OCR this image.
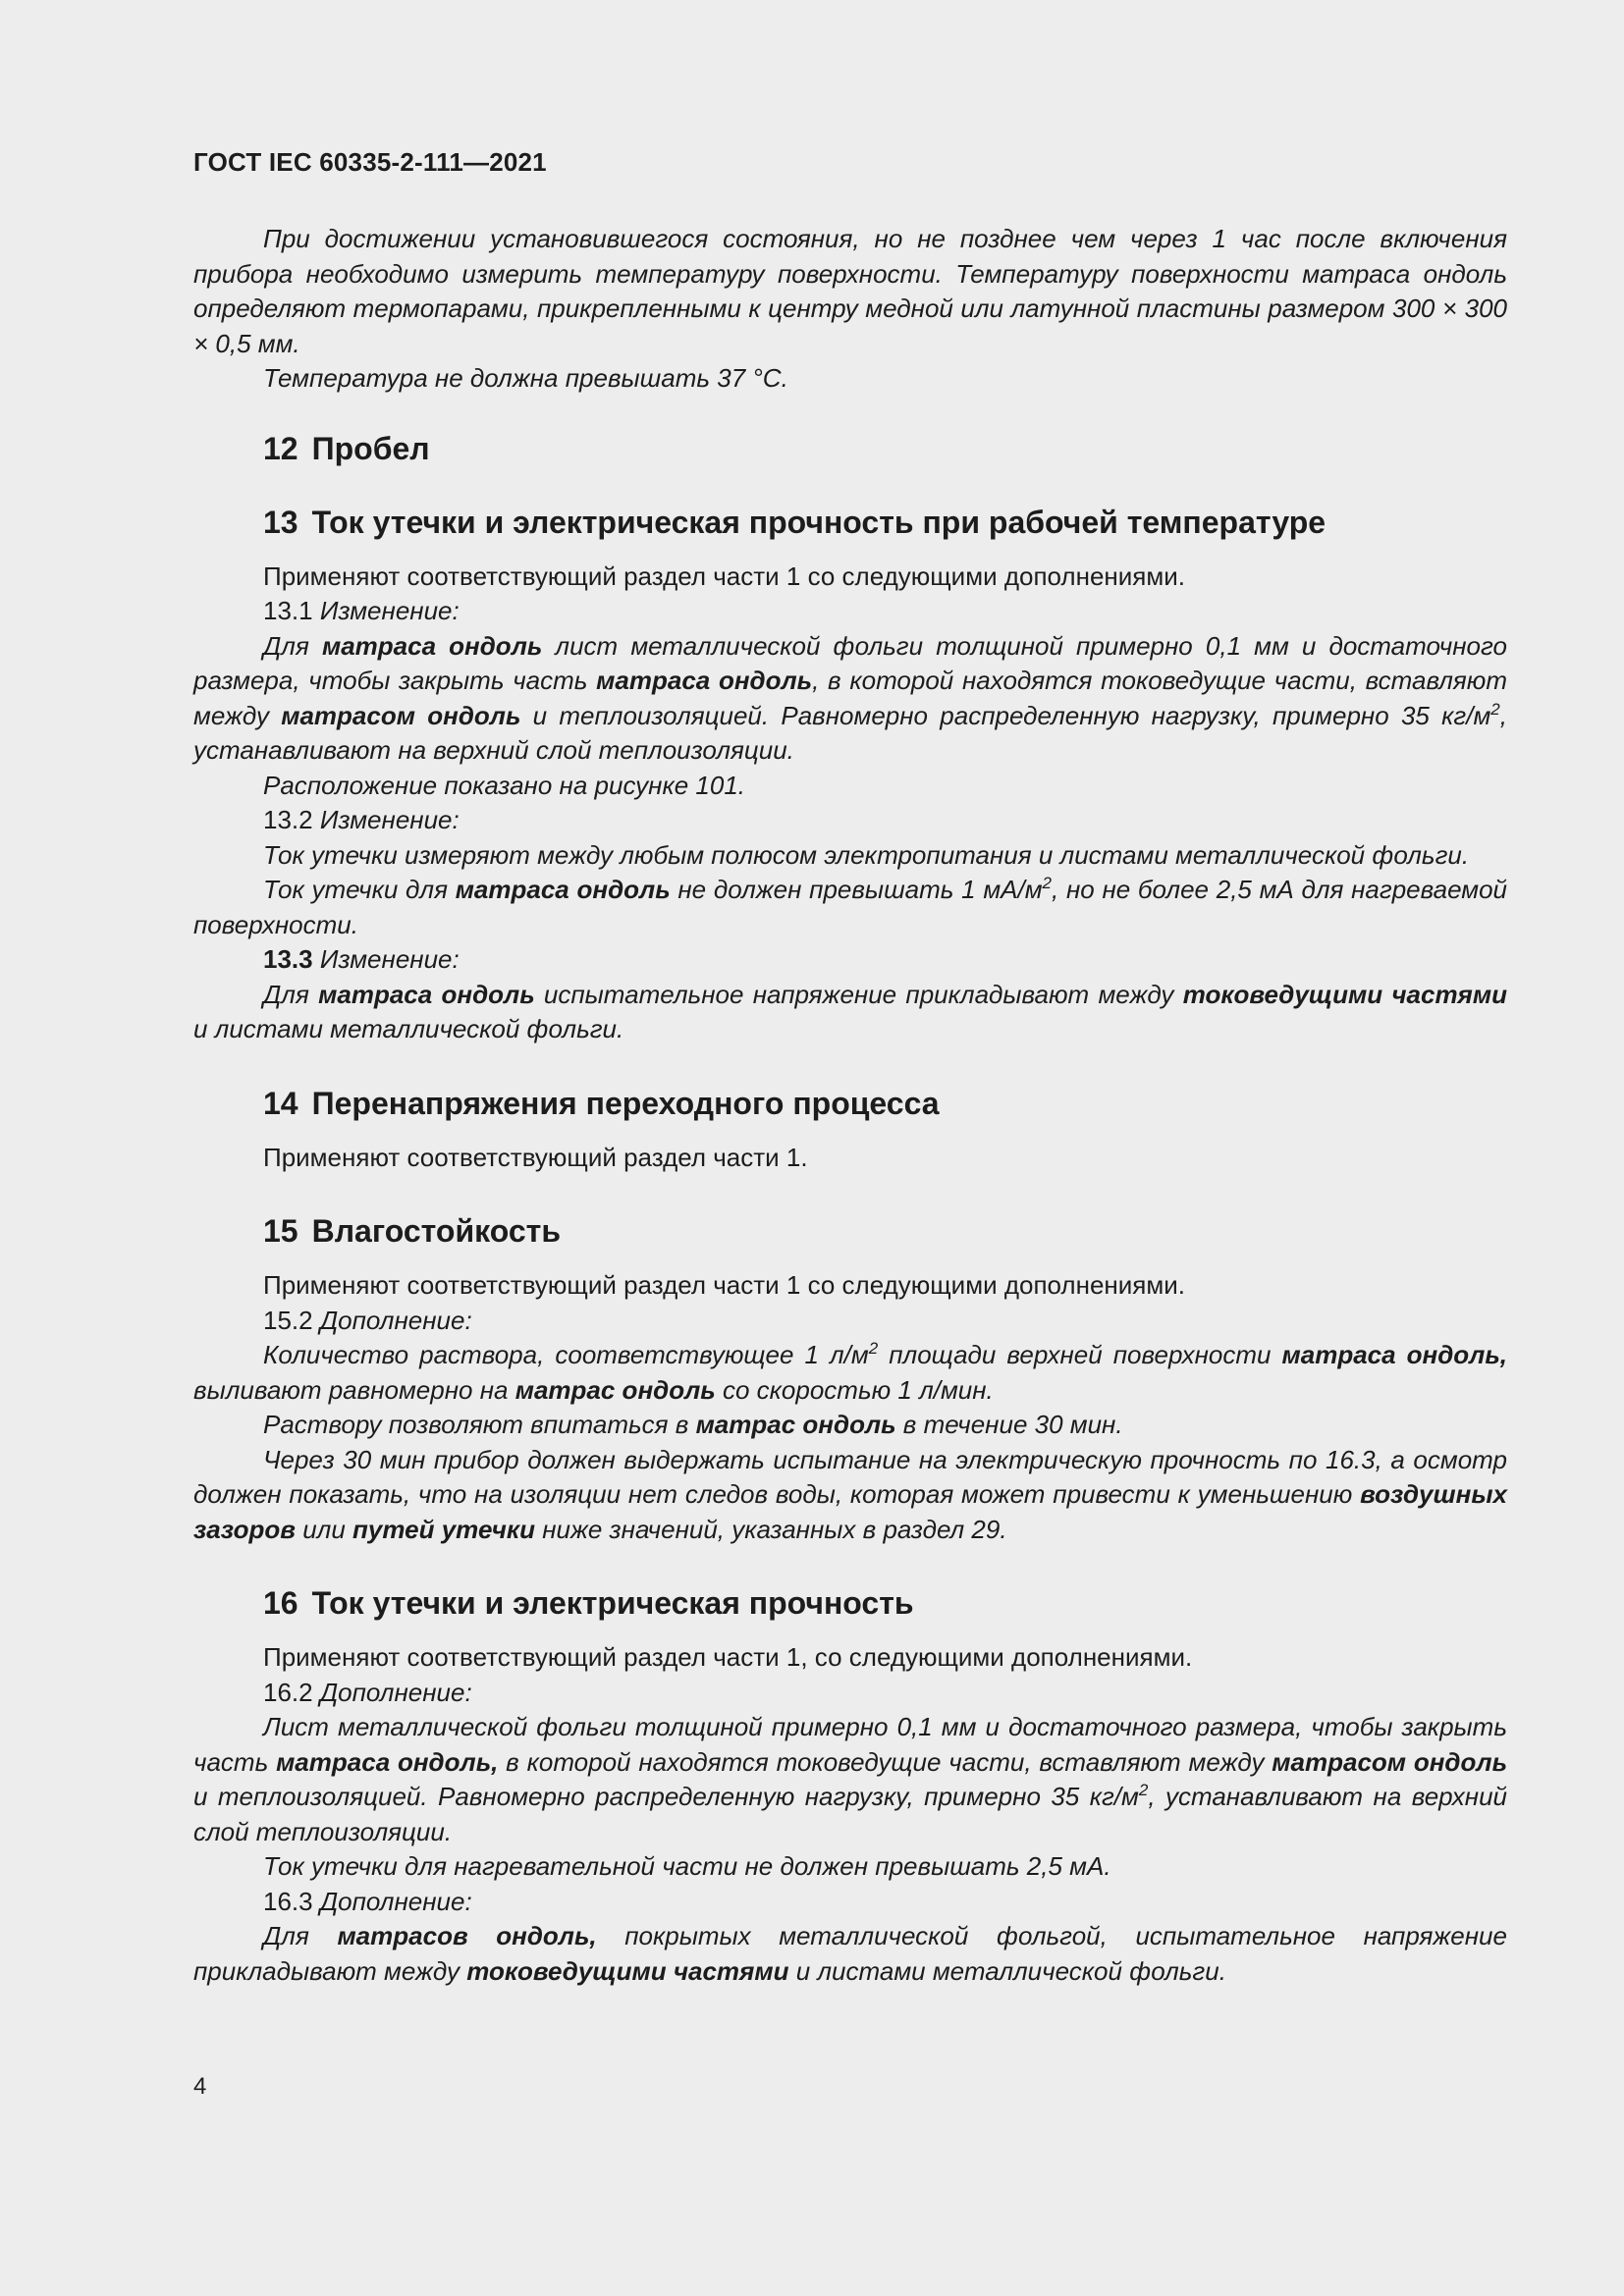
ГОСТ IEC 60335-2-111—2021

При достижении установившегося состояния, но не позднее чем через 1 час после включения прибора необходимо измерить температуру поверхности. Температуру поверхности матраса ондоль определяют термопарами, прикрепленными к центру медной или латунной пластины размером 300 × 300 × 0,5 мм.

Температура не должна превышать 37 °С.

12 Пробел
13 Ток утечки и электрическая прочность при рабочей температуре

Применяют соответствующий раздел части 1 со следующими дополнениями.

13.1 Изменение:

Для матраса ондоль лист металлической фольги толщиной примерно 0,1 мм и достаточного размера, чтобы закрыть часть матраса ондоль, в которой находятся токоведущие части, вставляют между матрасом ондоль и теплоизоляцией. Равномерно распределенную нагрузку, примерно 35 $кг/м^2$, устанавливают на верхний слой теплоизоляции.

Расположение показано на рисунке 101.

13.2 Изменение:

Ток утечки измеряют между любым полюсом электропитания и листами металлической фольги.

Ток утечки для матраса ондоль не должен превышать 1 $мА/м^2$, но не более 2,5 мА для нагреваемой поверхности.

13.3 Изменение:

Для матраса ондоль испытательное напряжение прикладывают между токоведущими частями и листами металлической фольги.

14 Перенапряжения переходного процесса

Применяют соответствующий раздел части 1.

15 Влагостойкость

Применяют соответствующий раздел части 1 со следующими дополнениями.

15.2 Дополнение:

Количество раствора, соответствующее 1 $л/м^2$ площади верхней поверхности матраса ондоль, выливают равномерно на матрас ондоль со скоростью 1 л/мин.

Раствору позволяют впитаться в матрас ондоль в течение 30 мин.

Через 30 мин прибор должен выдержать испытание на электрическую прочность по 16.3, а осмотр должен показать, что на изоляции нет следов воды, которая может привести к уменьшению воздушных зазоров или путей утечки ниже значений, указанных в раздел 29.

16 Ток утечки и электрическая прочность

Применяют соответствующий раздел части 1, со следующими дополнениями.

16.2 Дополнение:

Лист металлической фольги толщиной примерно 0,1 мм и достаточного размера, чтобы закрыть часть матраса ондоль, в которой находятся токоведущие части, вставляют между матрасом ондоль и теплоизоляцией. Равномерно распределенную нагрузку, примерно 35 $кг/м^2$, устанавливают на верхний слой теплоизоляции.

Ток утечки для нагревательной части не должен превышать 2,5 мА.

16.3 Дополнение:

Для матрасов ондоль, покрытых металлической фольгой, испытательное напряжение прикладывают между токоведущими частями и листами металлической фольги.

4
